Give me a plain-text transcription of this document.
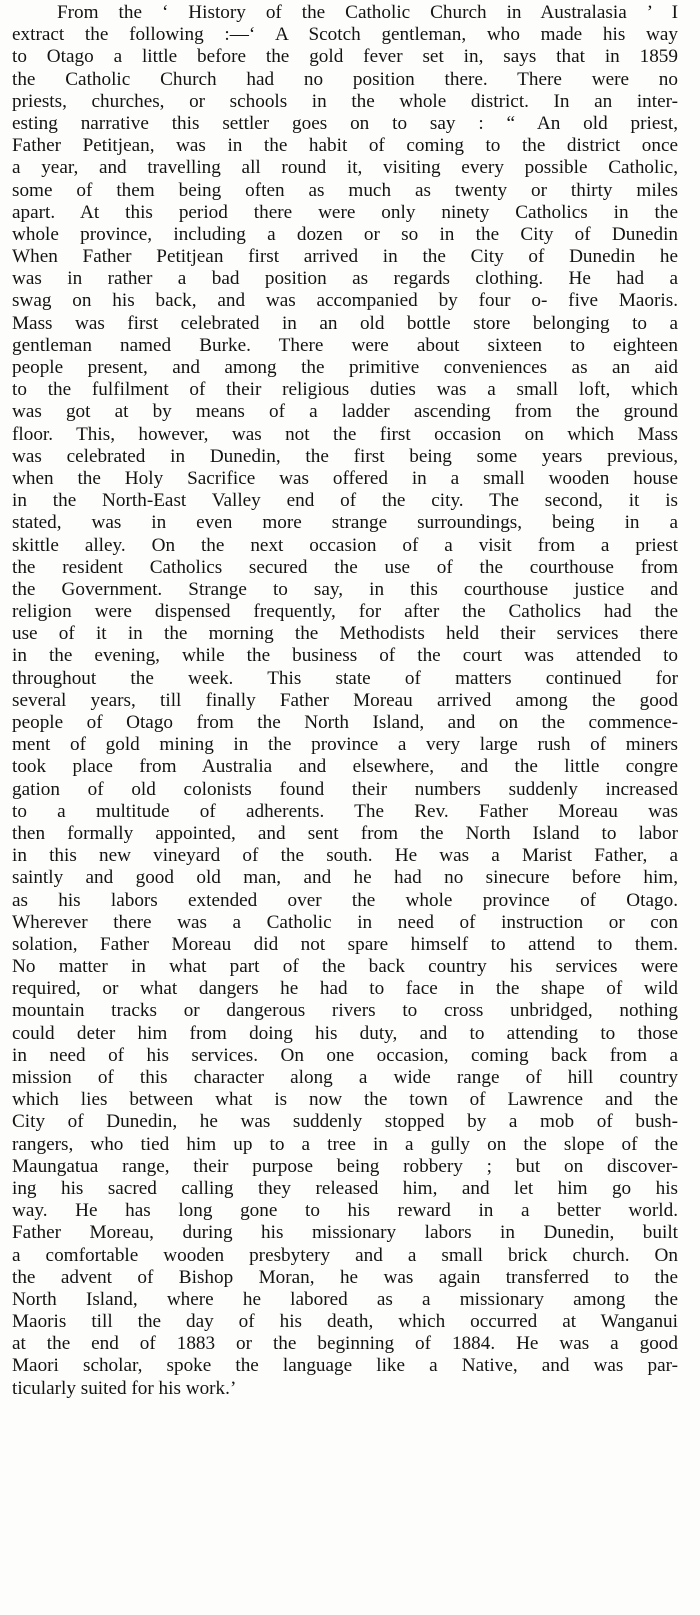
From the ‘ History of the Catholic Church in Australasia ’ I
extract the following :—‘ A Scotch gentleman, who made his way
to Otago a little before the gold fever set in, says that in 1859
the Catholic Church had no position there. There were no
priests, churches, or schools in the whole district. In an inter-
esting narrative this settler goes on to say : “ An old priest,
Father Petitjean, was in the habit of coming to the district once
a year, and travelling all round it, visiting every possible Catholic,
some of them being often as much as twenty or thirty miles
apart. At this period there were only ninety Catholics in the
whole province, including a dozen or so in the City of Dunedin
When Father Petitjean first arrived in the City of Dunedin he
was in rather a bad position as regards clothing. He had a
swag on his back, and was accompanied by four o- five Maoris.
Mass was first celebrated in an old bottle store belonging to a
gentleman named Burke. There were about sixteen to eighteen
people present, and among the primitive conveniences as an aid
to the fulfilment of their religious duties was a small loft, which
was got at by means of a ladder ascending from the ground
floor. This, however, was not the first occasion on which Mass
was celebrated in Dunedin, the first being some years previous,
when the Holy Sacrifice was offered in a small wooden house
in the North-East Valley end of the city. The second, it is
stated, was in even more strange surroundings, being in a
skittle alley. On the next occasion of a visit from a priest
the resident Catholics secured the use of the courthouse from
the Government. Strange to say, in this courthouse justice and
religion were dispensed frequently, for after the Catholics had the
use of it in the morning the Methodists held their services there
in the evening, while the business of the court was attended to
throughout the week. This state of matters continued for
several years, till finally Father Moreau arrived among the good
people of Otago from the North Island, and on the commence-
ment of gold mining in the province a very large rush of miners
took place from Australia and elsewhere, and the little congre
gation of old colonists found their numbers suddenly increased
to a multitude of adherents. The Rev. Father Moreau was
then formally appointed, and sent from the North Island to labor
in this new vineyard of the south. He was a Marist Father, a
saintly and good old man, and he had no sinecure before him,
as his labors extended over the whole province of Otago.
Wherever there was a Catholic in need of instruction or con
solation, Father Moreau did not spare himself to attend to them.
No matter in what part of the back country his services were
required, or what dangers he had to face in the shape of wild
mountain tracks or dangerous rivers to cross unbridged, nothing
could deter him from doing his duty, and to attending to those
in need of his services. On one occasion, coming back from a
mission of this character along a wide range of hill country
which lies between what is now the town of Lawrence and the
City of Dunedin, he was suddenly stopped by a mob of bush-
rangers, who tied him up to a tree in a gully on the slope of the
Maungatua range, their purpose being robbery ; but on discover-
ing his sacred calling they released him, and let him go his
way. He has long gone to his reward in a better world.
Father Moreau, during his missionary labors in Dunedin, built
a comfortable wooden presbytery and a small brick church. On
the advent of Bishop Moran, he was again transferred to the
North Island, where he labored as a missionary among the
Maoris till the day of his death, which occurred at Wanganui
at the end of 1883 or the beginning of 1884. He was a good
Maori scholar, spoke the language like a Native, and was par-
ticularly suited for his work.’
